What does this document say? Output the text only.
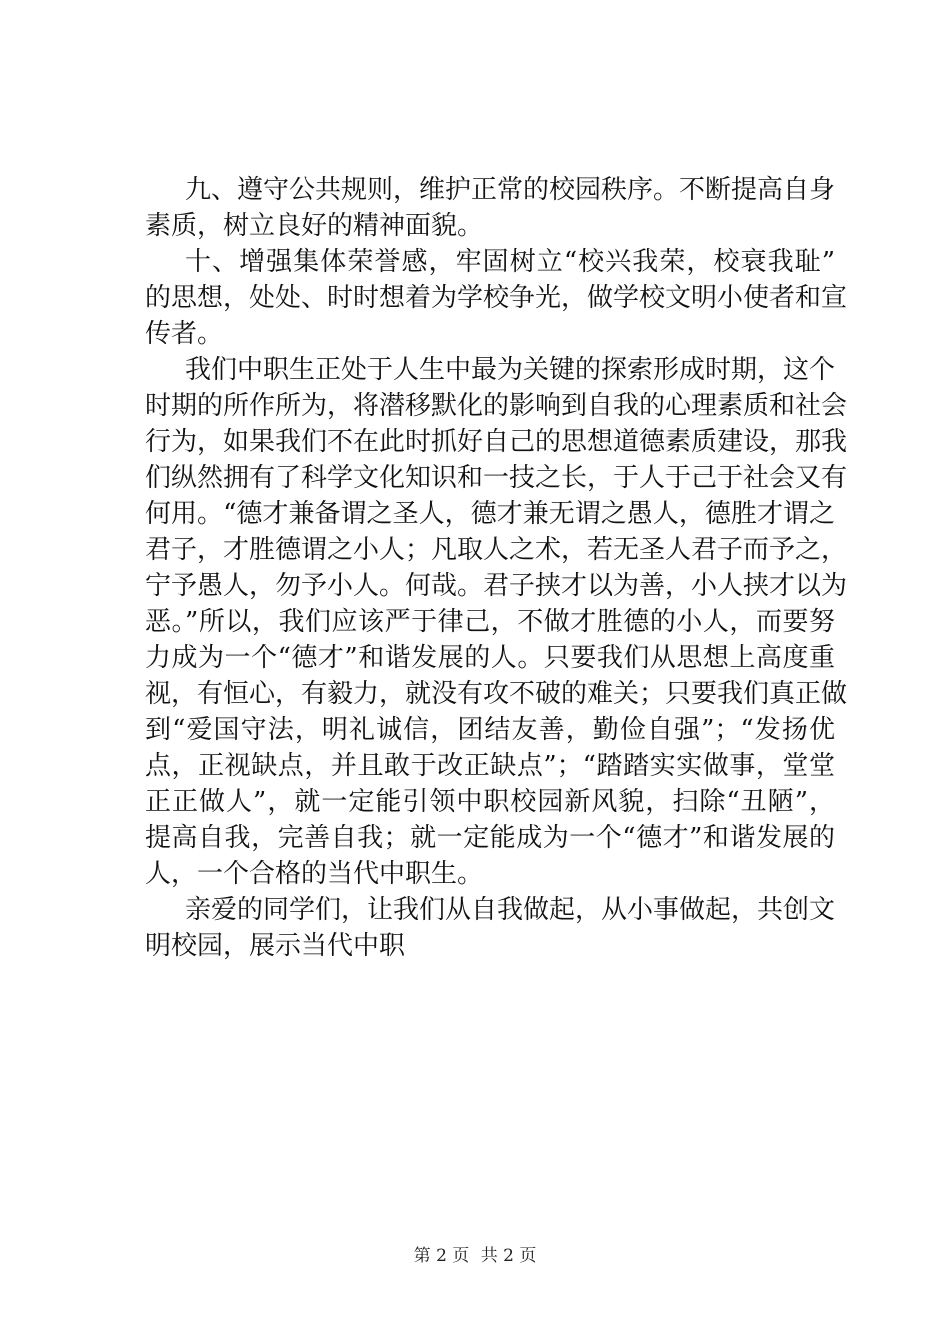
九、遵守公共规则，维护正常的校园秩序。不断提高自身
素质，树立良好的精神面貌。
十、增强集体荣誉感，牢固树立“校兴我荣，校衰我耻”
的思想，处处、时时想着为学校争光，做学校文明小使者和宣
传者。
我们中职生正处于人生中最为关键的探索形成时期，这个
时期的所作所为，将潜移默化的影响到自我的心理素质和社会
行为，如果我们不在此时抓好自己的思想道德素质建设，那我
们纵然拥有了科学文化知识和一技之长，于人于己于社会又有
何用。“德才兼备谓之圣人，德才兼无谓之愚人，德胜才谓之
君子，才胜德谓之小人；凡取人之术，若无圣人君子而予之，
宁予愚人，勿予小人。何哉。君子挟才以为善，小人挟才以为
恶。”所以，我们应该严于律己，不做才胜德的小人，而要努
力成为一个“德才”和谐发展的人。只要我们从思想上高度重
视，有恒心，有毅力，就没有攻不破的难关；只要我们真正做
到“爱国守法，明礼诚信，团结友善，勤俭自强”；“发扬优
点，正视缺点，并且敢于改正缺点”；“踏踏实实做事，堂堂
正正做人”，就一定能引领中职校园新风貌，扫除“丑陋”，
提高自我，完善自我；就一定能成为一个“德才”和谐发展的
人，一个合格的当代中职生。
亲爱的同学们，让我们从自我做起，从小事做起，共创文
明校园，展示当代中职
第 2 页 共 2 页
